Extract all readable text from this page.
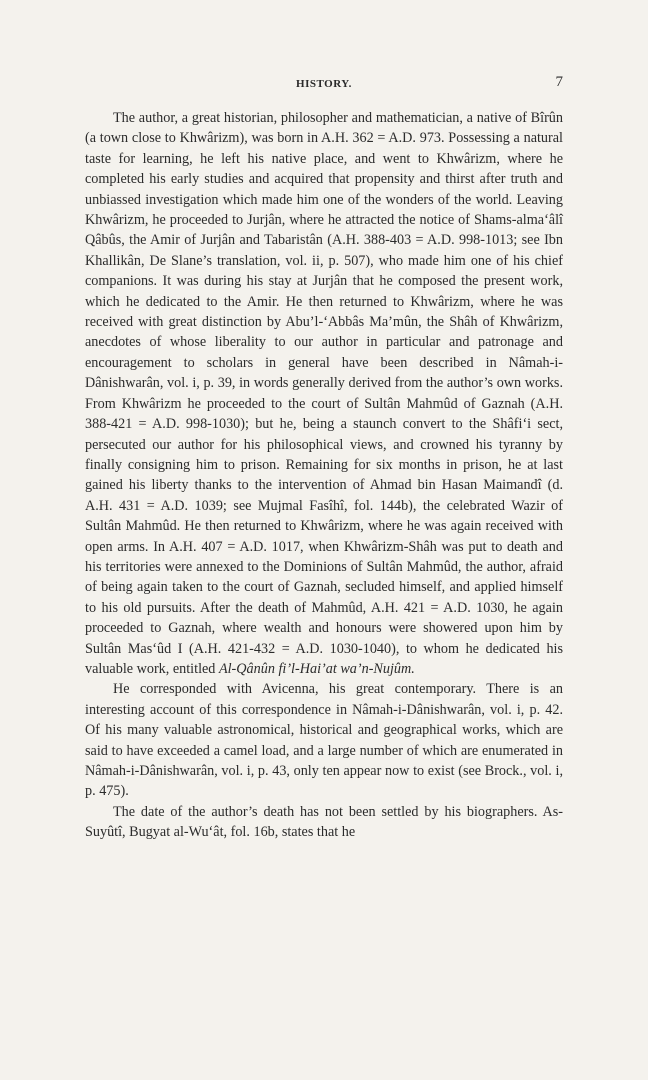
HISTORY.	7

The author, a great historian, philosopher and mathematician, a native of Bîrûn (a town close to Khwârizm), was born in A.H. 362 = A.D. 973. Possessing a natural taste for learning, he left his native place, and went to Khwârizm, where he completed his early studies and acquired that propensity and thirst after truth and unbiassed investigation which made him one of the wonders of the world. Leaving Khwârizm, he proceeded to Jurjân, where he attracted the notice of Shams-alma‘âlî Qâbûs, the Amir of Jurjân and Tabaristân (A.H. 388-403 = A.D. 998-1013; see Ibn Khallikân, De Slane’s translation, vol. ii, p. 507), who made him one of his chief companions. It was during his stay at Jurjân that he composed the present work, which he dedicated to the Amir. He then returned to Khwârizm, where he was received with great distinction by Abu’l-‘Abbâs Ma’mûn, the Shâh of Khwârizm, anecdotes of whose liberality to our author in particular and patronage and encouragement to scholars in general have been described in Nâmah-i-Dânishwarân, vol. i, p. 39, in words generally derived from the author’s own works. From Khwârizm he proceeded to the court of Sultân Mahmûd of Gaznah (A.H. 388-421 = A.D. 998-1030); but he, being a staunch convert to the Shâfi‘i sect, persecuted our author for his philosophical views, and crowned his tyranny by finally consigning him to prison. Remaining for six months in prison, he at last gained his liberty thanks to the intervention of Ahmad bin Hasan Maimandî (d. A.H. 431 = A.D. 1039; see Mujmal Fasîhî, fol. 144b), the celebrated Wazir of Sultân Mahmûd. He then returned to Khwârizm, where he was again received with open arms. In A.H. 407 = A.D. 1017, when Khwârizm-Shâh was put to death and his territories were annexed to the Dominions of Sultân Mahmûd, the author, afraid of being again taken to the court of Gaznah, secluded himself, and applied himself to his old pursuits. After the death of Mahmûd, A.H. 421 = A.D. 1030, he again proceeded to Gaznah, where wealth and honours were showered upon him by Sultân Mas‘ûd I (A.H. 421-432 = A.D. 1030-1040), to whom he dedicated his valuable work, entitled Al-Qânûn fi’l-Hai’at wa’n-Nujûm.

He corresponded with Avicenna, his great contemporary. There is an interesting account of this correspondence in Nâmah-i-Dânishwarân, vol. i, p. 42. Of his many valuable astronomical, historical and geographical works, which are said to have exceeded a camel load, and a large number of which are enumerated in Nâmah-i-Dânishwarân, vol. i, p. 43, only ten appear now to exist (see Brock., vol. i, p. 475).

The date of the author’s death has not been settled by his biographers. As-Suyûtî, Bugyat al-Wu‘ât, fol. 16b, states that he
